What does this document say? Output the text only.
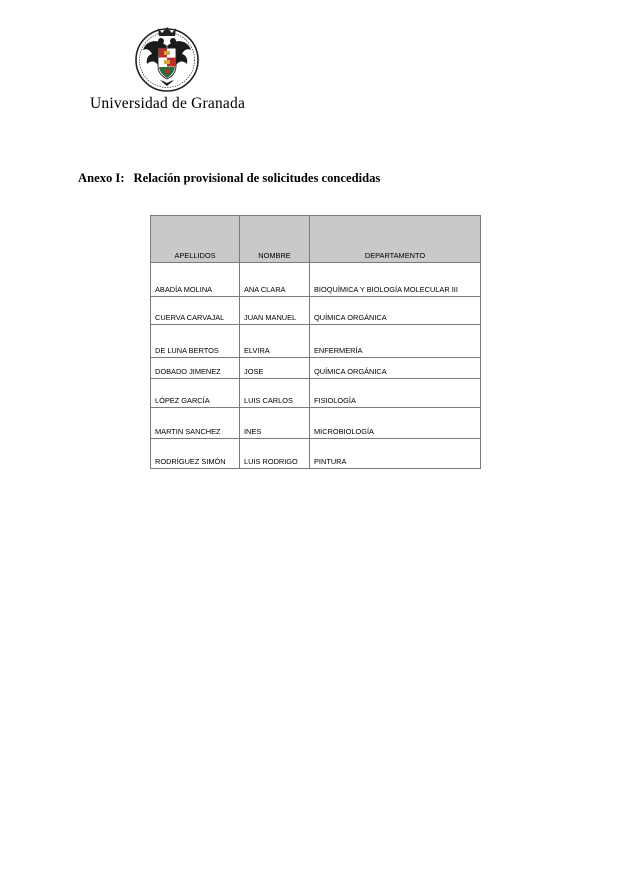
Universidad de Granada
Anexo I: Relación provisional de solicitudes concedidas
APELLIDOS	NOMBRE	DEPARTAMENTO
ABADÍA MOLINA	ANA CLARA	BIOQUÍMICA Y BIOLOGÍA MOLECULAR III
CUERVA CARVAJAL	JUAN MANUEL	QUÍMICA ORGÁNICA
DE LUNA BERTOS	ELVIRA	ENFERMERÍA
DOBADO JIMENEZ	JOSE	QUÍMICA ORGÁNICA
LÓPEZ GARCÍA	LUIS CARLOS	FISIOLOGÍA
MARTIN SANCHEZ	INES	MICROBIOLOGÍA
RODRÍGUEZ SIMÓN	LUIS RODRIGO	PINTURA
